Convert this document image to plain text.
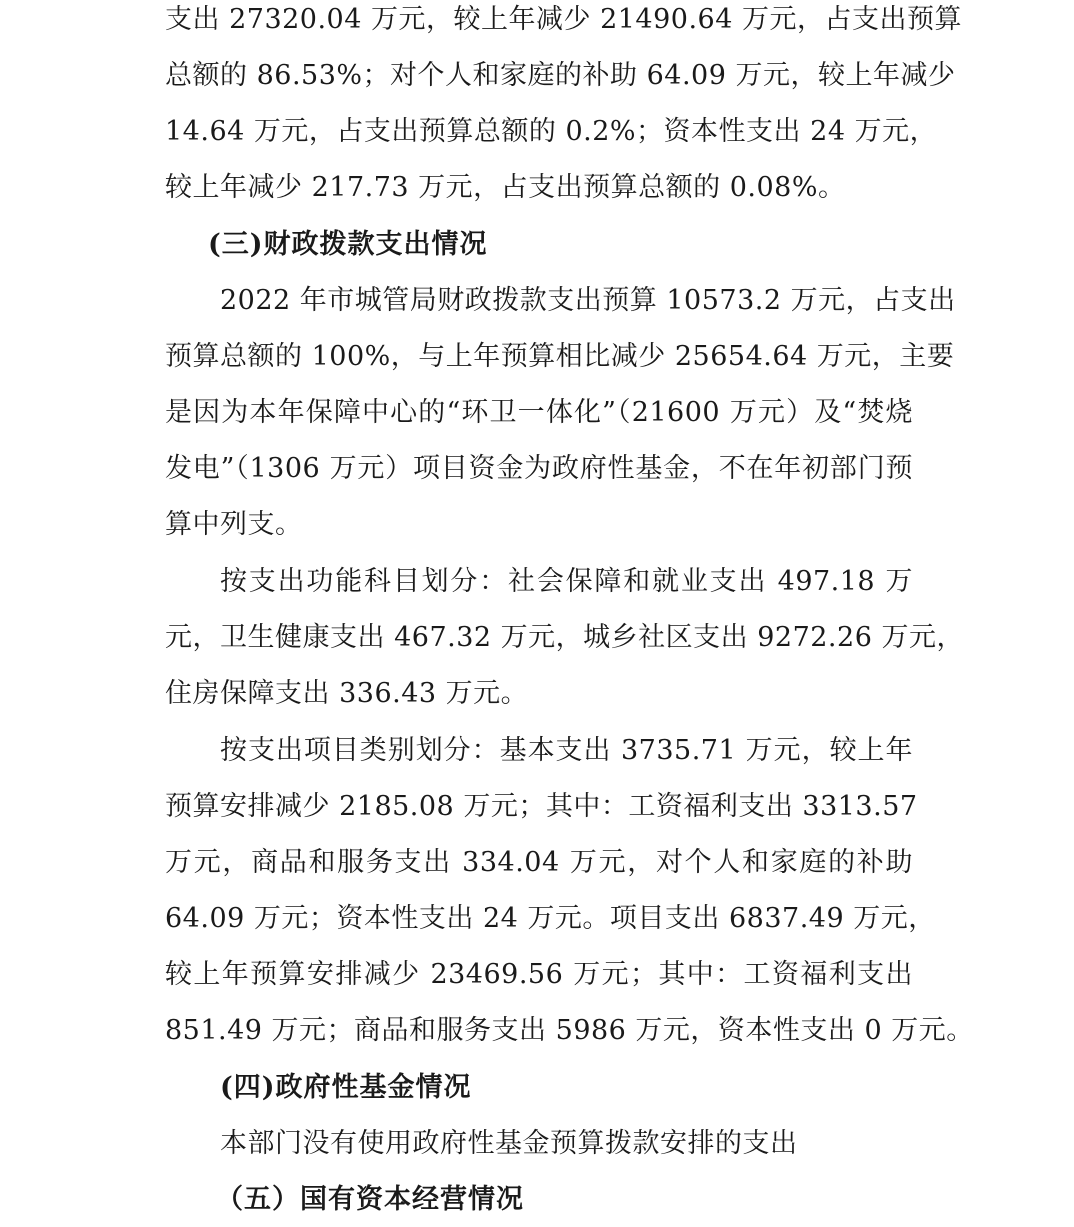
支出 27320.04 万元，较上年减少 21490.64 万元，占支出预算
总额的 86.53%；对个人和家庭的补助 64.09 万元，较上年减少
14.64 万元，占支出预算总额的 0.2%；资本性支出 24 万元，
较上年减少 217.73 万元，占支出预算总额的 0.08%。
(三)财政拨款支出情况
2022 年市城管局财政拨款支出预算 10573.2 万元，占支出
预算总额的 100%，与上年预算相比减少 25654.64 万元，主要
是因为本年保障中心的“环卫一体化”（21600 万元）及“焚烧
发电”（1306 万元）项目资金为政府性基金，不在年初部门预
算中列支。
按支出功能科目划分：社会保障和就业支出 497.18 万
元，卫生健康支出 467.32 万元，城乡社区支出 9272.26 万元，
住房保障支出 336.43 万元。
按支出项目类别划分：基本支出 3735.71 万元，较上年
预算安排减少 2185.08 万元；其中：工资福利支出 3313.57
万元，商品和服务支出 334.04 万元，对个人和家庭的补助
64.09 万元；资本性支出 24 万元。项目支出 6837.49 万元，
较上年预算安排减少 23469.56 万元；其中：工资福利支出
851.49 万元；商品和服务支出 5986 万元，资本性支出 0 万元。
(四)政府性基金情况
本部门没有使用政府性基金预算拨款安排的支出
（五）国有资本经营情况
